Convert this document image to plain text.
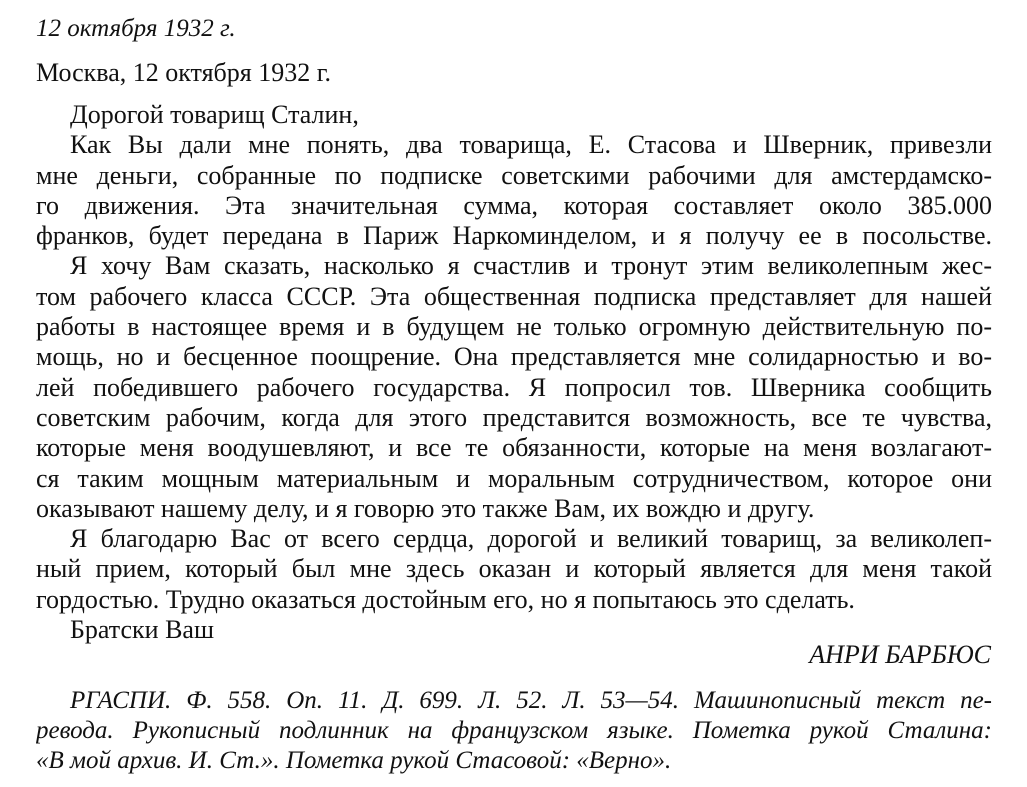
12 октября 1932 г.
Москва, 12 октября 1932 г.
Дорогой товарищ Сталин,
Как Вы дали мне понять, два товарища, Е. Стасова и Шверник, привезли
мне деньги, собранные по подписке советскими рабочими для амстердамско-
го движения. Эта значительная сумма, которая составляет около 385.000
франков, будет передана в Париж Наркоминделом, и я получу ее в посольстве.
Я хочу Вам сказать, насколько я счастлив и тронут этим великолепным жес-
том рабочего класса СССР. Эта общественная подписка представляет для нашей
работы в настоящее время и в будущем не только огромную действительную по-
мощь, но и бесценное поощрение. Она представляется мне солидарностью и во-
лей победившего рабочего государства. Я попросил тов. Шверника сообщить
советским рабочим, когда для этого представится возможность, все те чувства,
которые меня воодушевляют, и все те обязанности, которые на меня возлагают-
ся таким мощным материальным и моральным сотрудничеством, которое они
оказывают нашему делу, и я говорю это также Вам, их вождю и другу.
Я благодарю Вас от всего сердца, дорогой и великий товарищ, за великолеп-
ный прием, который был мне здесь оказан и который является для меня такой
гордостью. Трудно оказаться достойным его, но я попытаюсь это сделать.
Братски Ваш
АНРИ БАРБЮС
РГАСПИ. Ф. 558. Оп. 11. Д. 699. Л. 52. Л. 53—54. Машинописный текст пе-
ревода. Рукописный подлинник на французском языке. Пометка рукой Сталина:
«В мой архив. И. Ст.». Пометка рукой Стасовой: «Верно».
